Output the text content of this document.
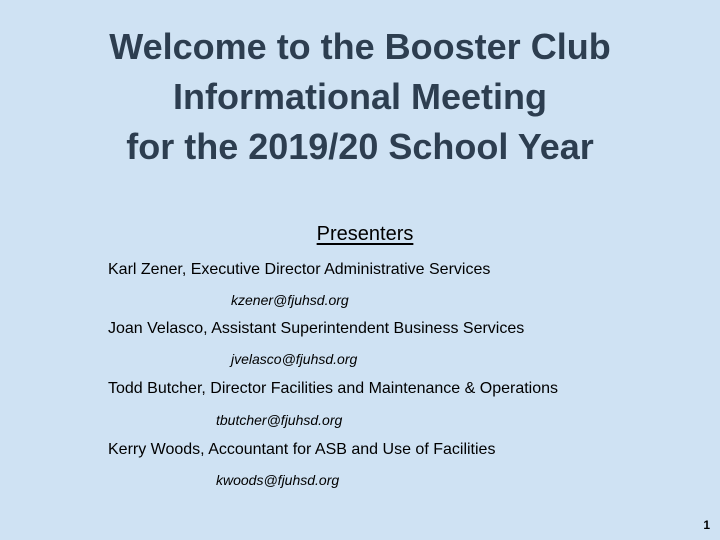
Welcome to the Booster Club
Informational Meeting
for the 2019/20 School Year
Presenters
Karl Zener, Executive Director Administrative Services
kzener@fjuhsd.org
Joan Velasco, Assistant Superintendent Business Services
jvelasco@fjuhsd.org
Todd Butcher, Director Facilities and Maintenance & Operations
tbutcher@fjuhsd.org
Kerry Woods, Accountant for ASB and Use of Facilities
kwoods@fjuhsd.org
1
